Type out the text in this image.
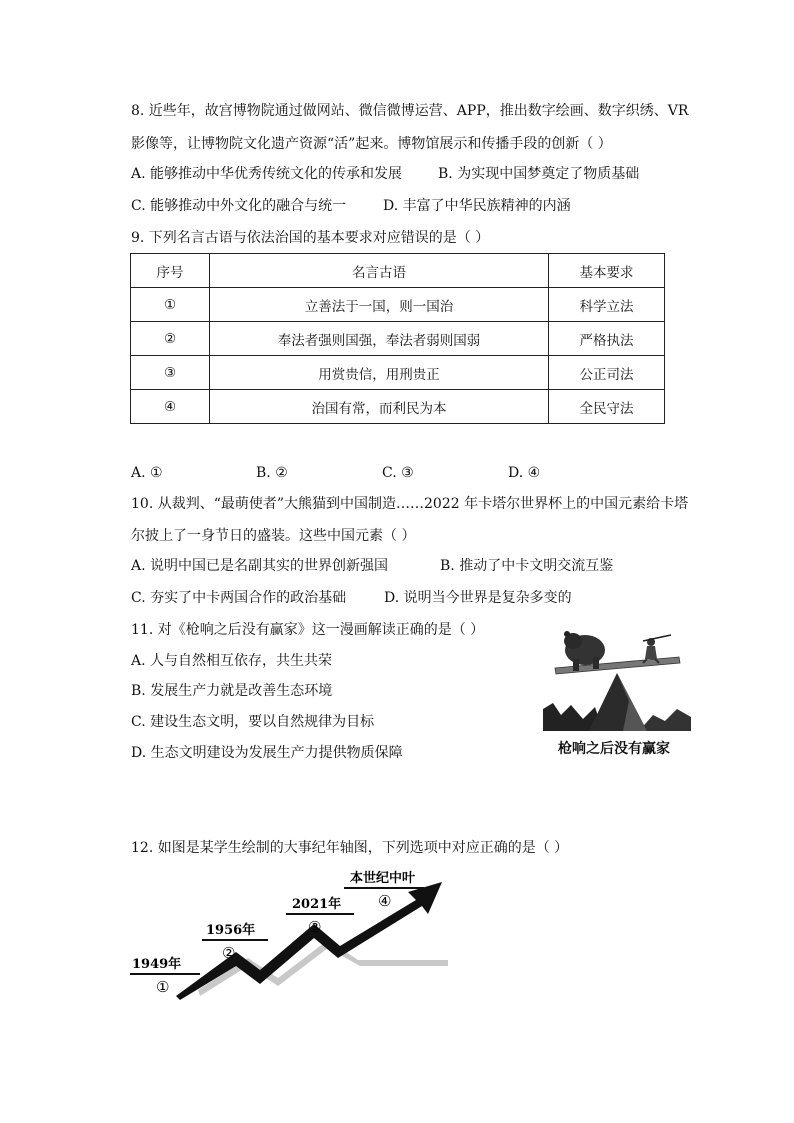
8. 近些年，故宫博物院通过做网站、微信微博运营、APP，推出数字绘画、数字织绣、VR
影像等，让博物院文化遗产资源“活”起来。博物馆展示和传播手段的创新（ ）
A. 能够推动中华优秀传统文化的传承和发展	B. 为实现中国梦奠定了物质基础
C. 能够推动中外文化的融合与统一	D. 丰富了中华民族精神的内涵
9. 下列名言古语与依法治国的基本要求对应错误的是（ ）
序号	名言古语	基本要求
①	立善法于一国，则一国治	科学立法
②	奉法者强则国强，奉法者弱则国弱	严格执法
③	用赏贵信，用刑贵正	公正司法
④	治国有常，而利民为本	全民守法
A. ①	B. ②	C. ③	D. ④
10. 从裁判、“最萌使者”大熊猫到中国制造……2022 年卡塔尔世界杯上的中国元素给卡塔
尔披上了一身节日的盛装。这些中国元素（ ）
A. 说明中国已是名副其实的世界创新强国	B. 推动了中卡文明交流互鉴
C. 夯实了中卡两国合作的政治基础	D. 说明当今世界是复杂多变的
11. 对《枪响之后没有赢家》这一漫画解读正确的是（ ）
A. 人与自然相互依存，共生共荣
B. 发展生产力就是改善生态环境
C. 建设生态文明，要以自然规律为目标
D. 生态文明建设为发展生产力提供物质保障	枪响之后没有赢家
12. 如图是某学生绘制的大事纪年轴图，下列选项中对应正确的是（ ）
1949年
①
1956年
②
2021年
③
本世纪中叶
④
